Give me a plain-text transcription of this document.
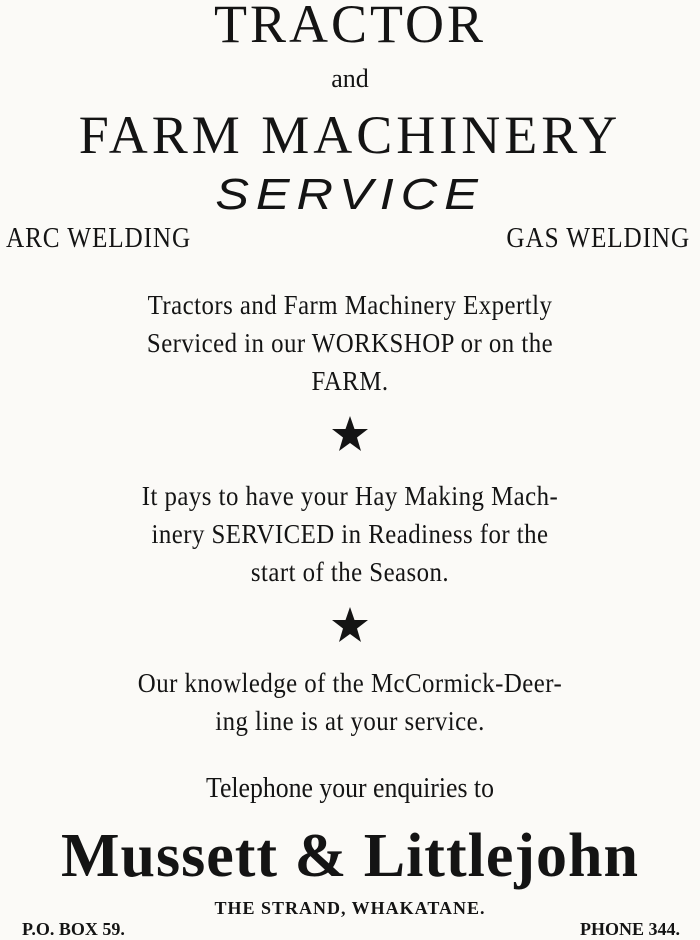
TRACTOR
and
FARM MACHINERY
SERVICE
ARC WELDING	GAS WELDING
Tractors and Farm Machinery Expertly
Serviced in our WORKSHOP or on the
FARM.
It pays to have your Hay Making Mach-
inery SERVICED in Readiness for the
start of the Season.
Our knowledge of the McCormick-Deer-
ing line is at your service.
Telephone your enquiries to
Mussett & Littlejohn
THE STRAND, WHAKATANE.
P.O. BOX 59.	PHONE 344.
